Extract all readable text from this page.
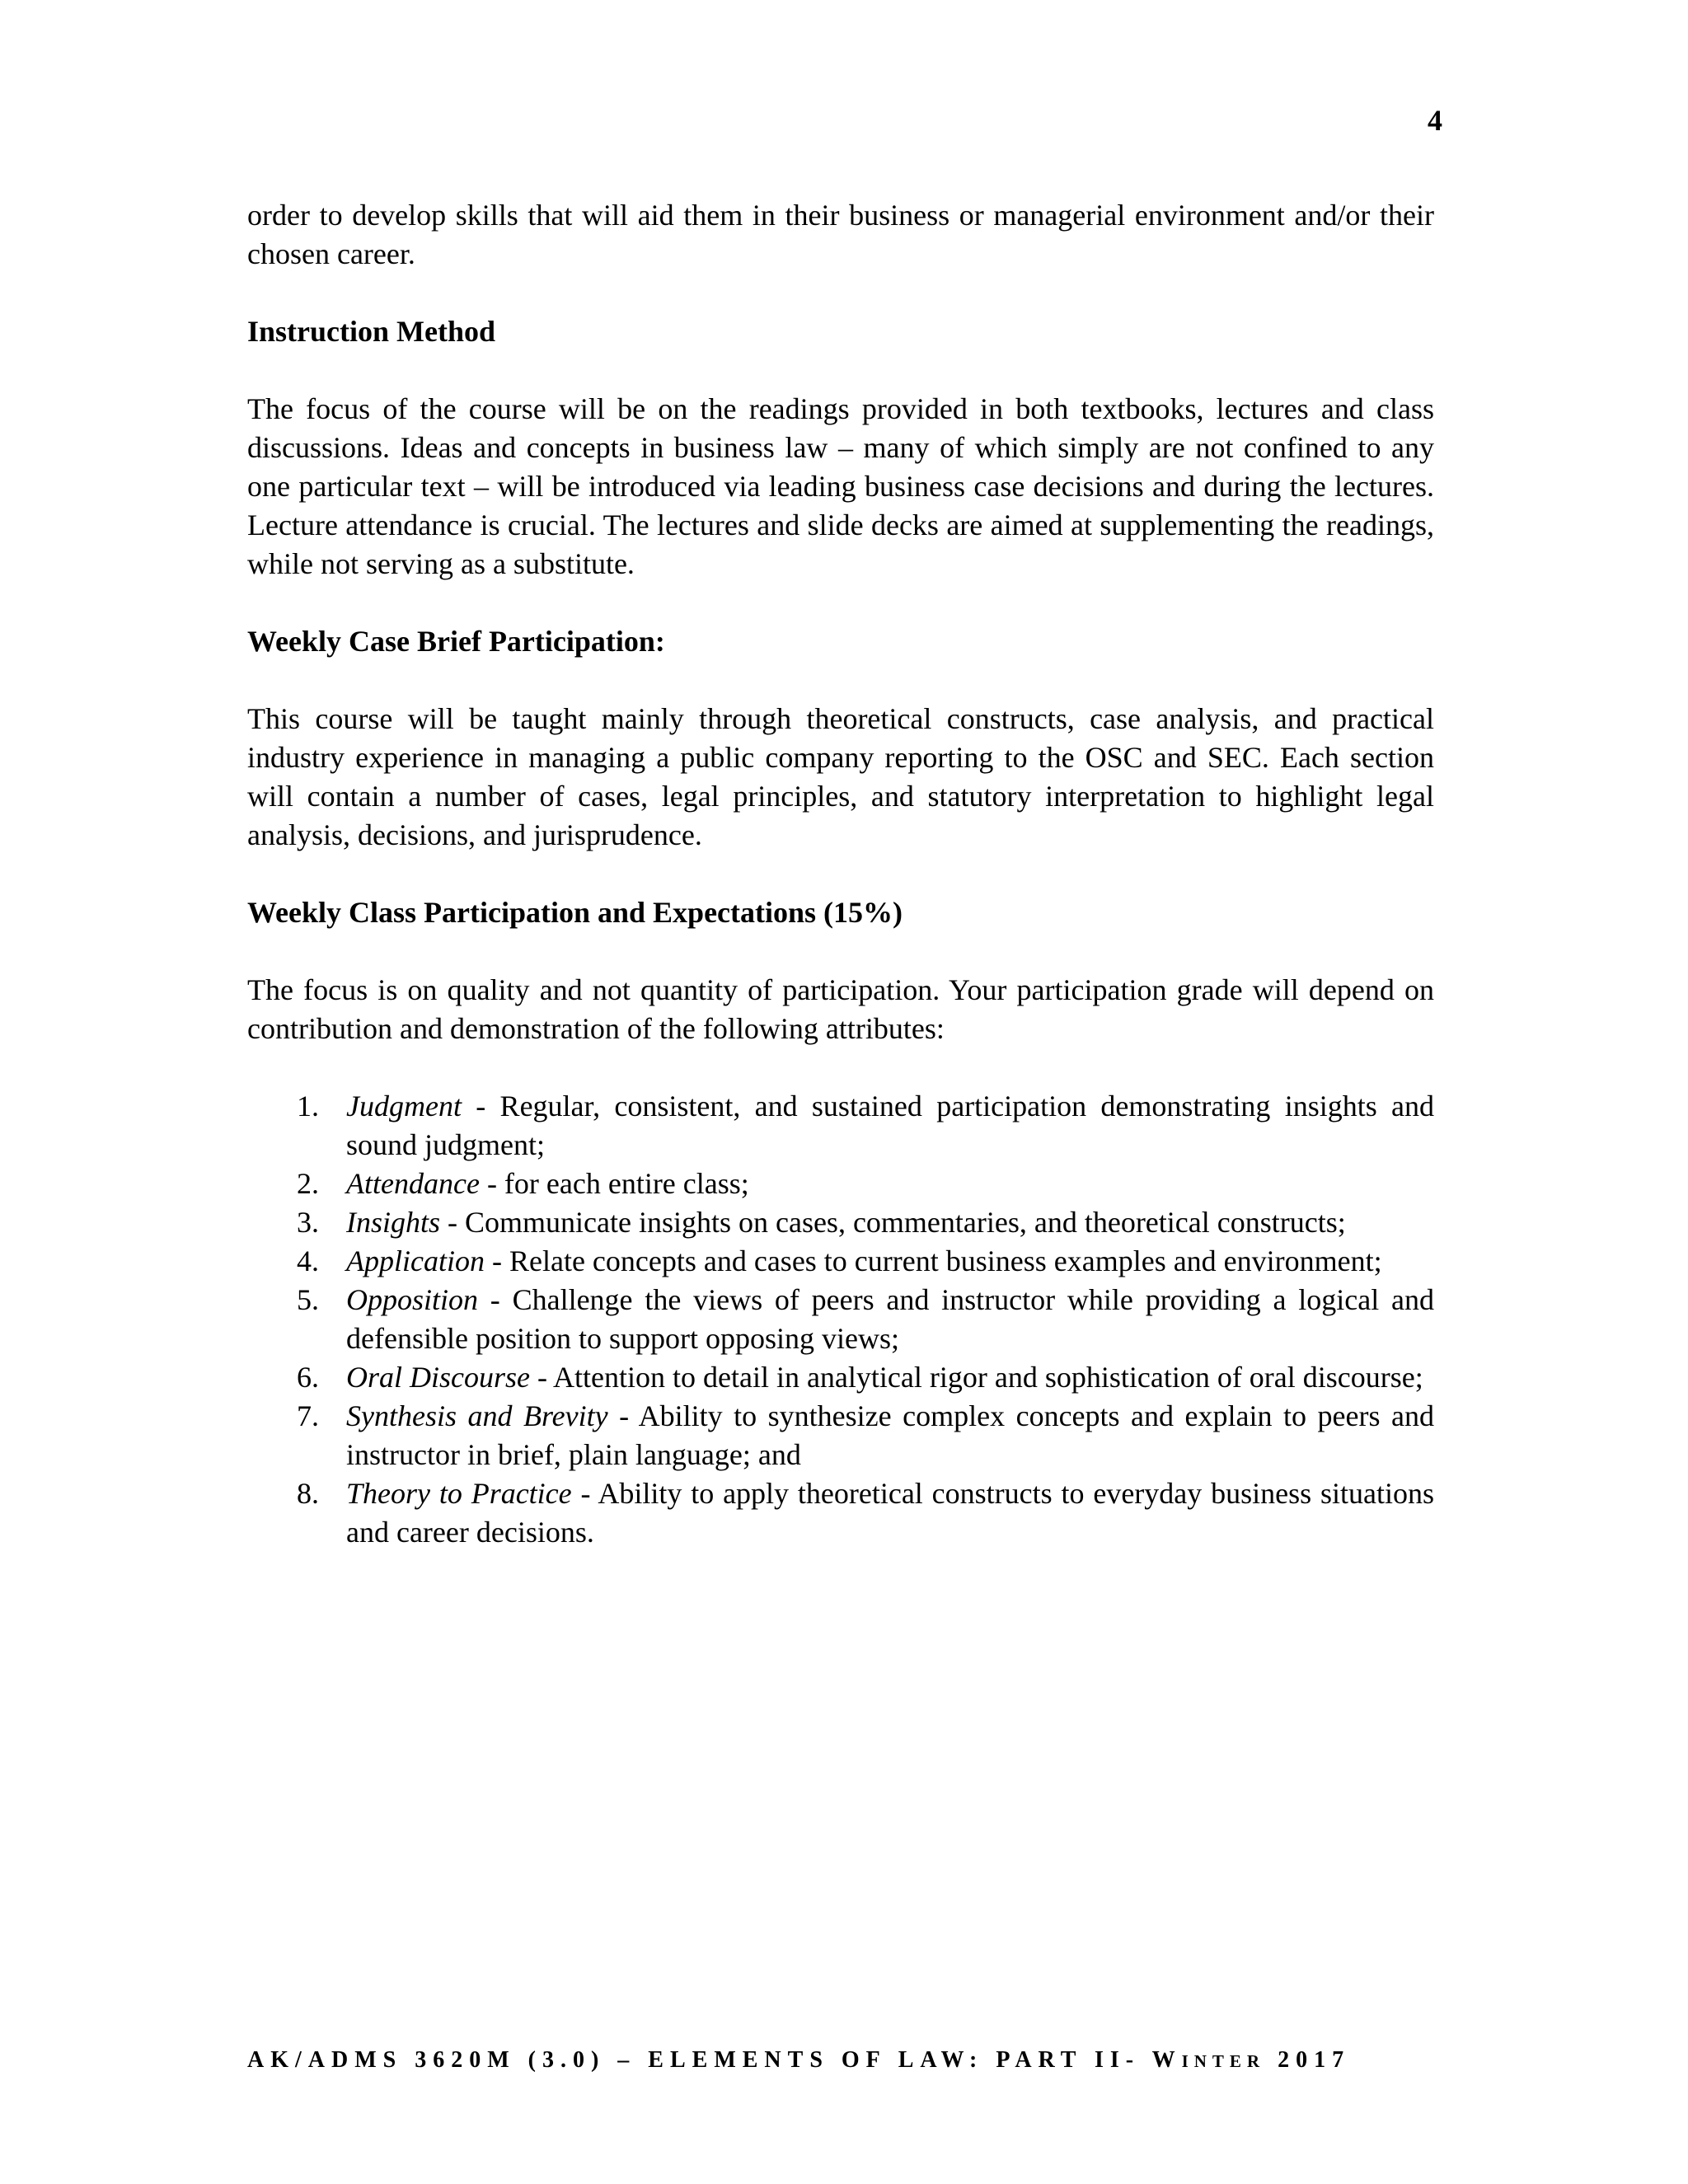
4

order to develop skills that will aid them in their business or managerial environment and/or their chosen career.

Instruction Method

The focus of the course will be on the readings provided in both textbooks, lectures and class discussions. Ideas and concepts in business law – many of which simply are not confined to any one particular text – will be introduced via leading business case decisions and during the lectures. Lecture attendance is crucial. The lectures and slide decks are aimed at supplementing the readings, while not serving as a substitute.

Weekly Case Brief Participation:

This course will be taught mainly through theoretical constructs, case analysis, and practical industry experience in managing a public company reporting to the OSC and SEC. Each section will contain a number of cases, legal principles, and statutory interpretation to highlight legal analysis, decisions, and jurisprudence.

Weekly Class Participation and Expectations (15%)

The focus is on quality and not quantity of participation. Your participation grade will depend on contribution and demonstration of the following attributes:

1. Judgment - Regular, consistent, and sustained participation demonstrating insights and sound judgment;
2. Attendance - for each entire class;
3. Insights - Communicate insights on cases, commentaries, and theoretical constructs;
4. Application - Relate concepts and cases to current business examples and environment;
5. Opposition - Challenge the views of peers and instructor while providing a logical and defensible position to support opposing views;
6. Oral Discourse - Attention to detail in analytical rigor and sophistication of oral discourse;
7. Synthesis and Brevity - Ability to synthesize complex concepts and explain to peers and instructor in brief, plain language; and
8. Theory to Practice - Ability to apply theoretical constructs to everyday business situations and career decisions.
AK/ADMS 3620M (3.0) – ELEMENTS OF LAW: PART II- WINTER 2017
